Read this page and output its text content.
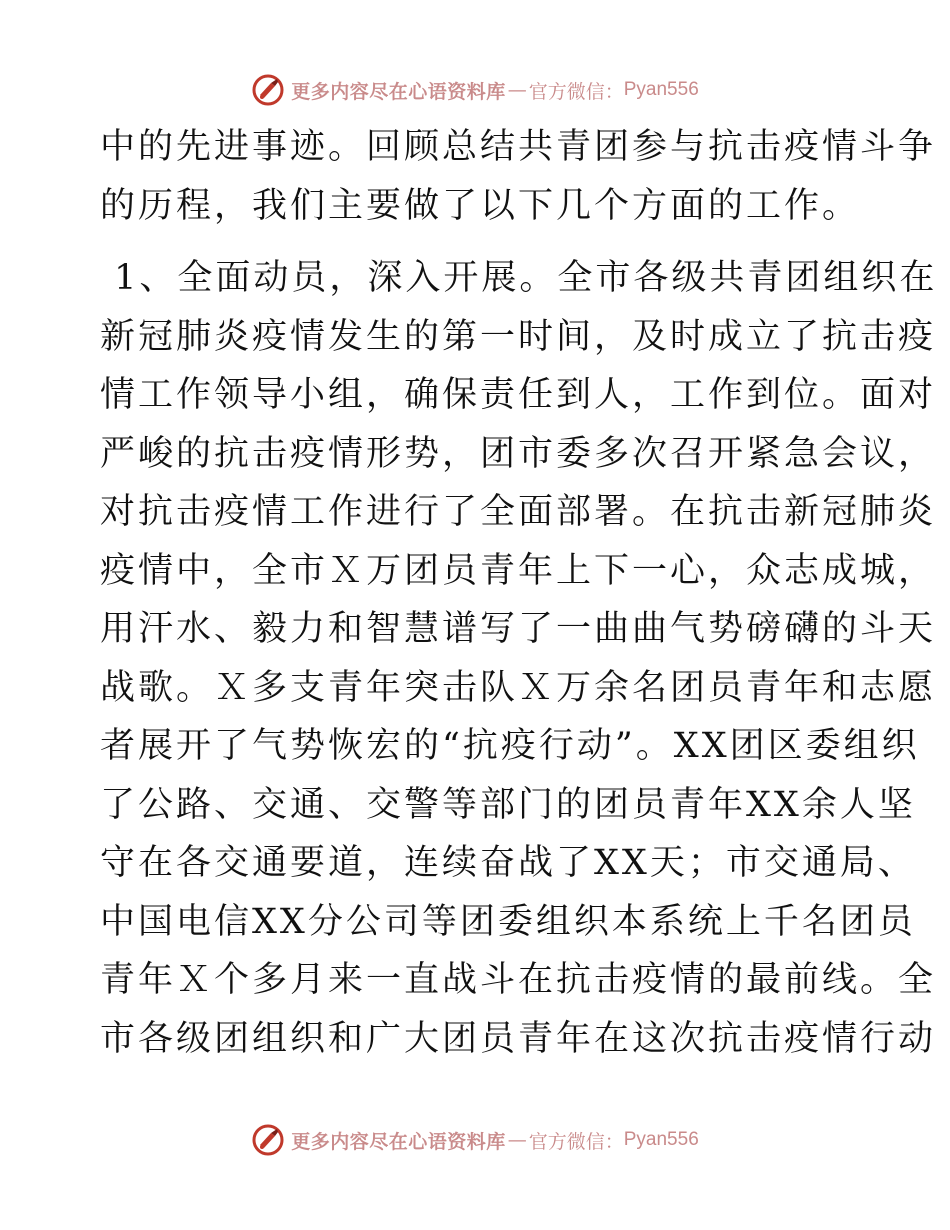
更多内容尽在心语资料库 — 官方微信： Pyan556
中的先进事迹。回顾总结共青团参与抗击疫情斗争
的历程，我们主要做了以下几个方面的工作。
1、全面动员，深入开展。全市各级共青团组织在
新冠肺炎疫情发生的第一时间，及时成立了抗击疫
情工作领导小组，确保责任到人，工作到位。面对
严峻的抗击疫情形势，团市委多次召开紧急会议，
对抗击疫情工作进行了全面部署。在抗击新冠肺炎
疫情中，全市Ｘ万团员青年上下一心，众志成城，
用汗水、毅力和智慧谱写了一曲曲气势磅礴的斗天
战歌。Ｘ多支青年突击队Ｘ万余名团员青年和志愿
者展开了气势恢宏的“抗疫行动”。XX团区委组织
了公路、交通、交警等部门的团员青年XX余人坚
守在各交通要道，连续奋战了XX天；市交通局、
中国电信XX分公司等团委组织本系统上千名团员
青年Ｘ个多月来一直战斗在抗击疫情的最前线。全
市各级团组织和广大团员青年在这次抗击疫情行动
更多内容尽在心语资料库 — 官方微信： Pyan556
